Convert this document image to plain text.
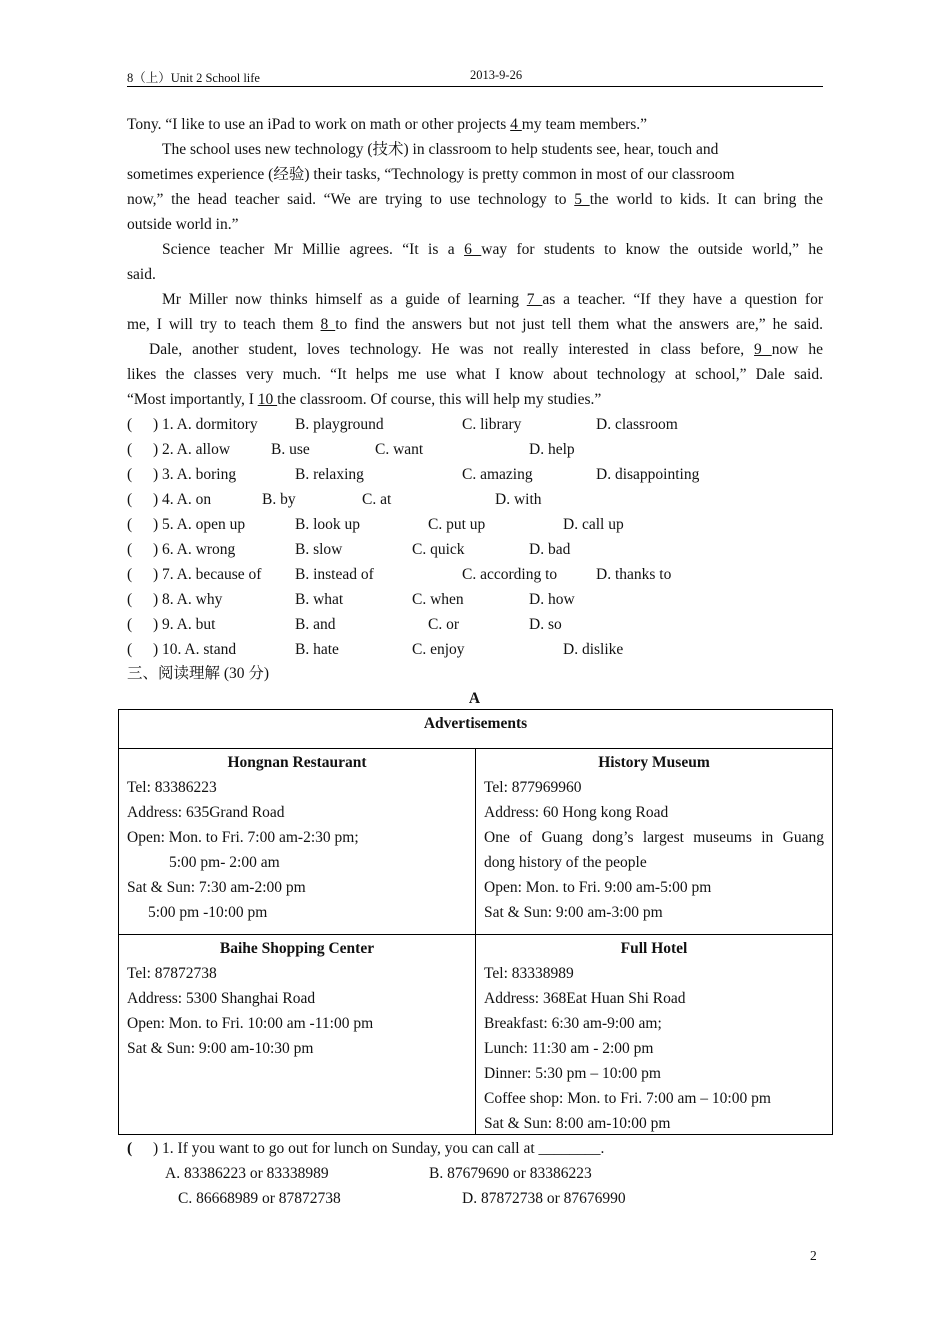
8（上）Unit 2 School life	2013-9-26
Tony. “I like to use an iPad to work on math or other projects 4 my team members.”
The school uses new technology (技术) in classroom to help students see, hear, touch and
sometimes experience (经验) their tasks, “Technology is pretty common in most of our classroom
now,” the head teacher said. “We are trying to use technology to 5 the world to kids. It can bring the
outside world in.”
Science teacher Mr Millie agrees. “It is a 6 way for students to know the outside world,” he
said.
Mr Miller now thinks himself as a guide of learning 7 as a teacher. “If they have a question for
me, I will try to teach them 8 to find the answers but not just tell them what the answers are,” he said.
Dale, another student, loves technology. He was not really interested in class before, 9 now he
likes the classes very much. “It helps me use what I know about technology at school,” Dale said.
“Most importantly, I 10 the classroom. Of course, this will help my studies.”
( ) 1. A. dormitory B. playground	C. library	D. classroom
( ) 2. A. allow	B. use	C. want	D. help
( ) 3. A. boring	B. relaxing	C. amazing	D. disappointing
( ) 4. A. on	B. by	C. at	D. with
( ) 5. A. open up	B. look up	C. put up	D. call up
( ) 6. A. wrong	B. slow	C. quick	D. bad
( ) 7. A. because of B. instead of	C. according to	D. thanks to
( ) 8. A. why	B. what	C. when	D. how
( ) 9. A. but	B. and	C. or	D. so
( ) 10. A. stand	B. hate	C. enjoy	D. dislike
三、阅读理解 (30 分)
A
Advertisements
Hongnan Restaurant
Tel: 83386223
Address: 635Grand Road
Open: Mon. to Fri. 7:00 am-2:30 pm;
5:00 pm- 2:00 am
Sat & Sun: 7:30 am-2:00 pm
5:00 pm -10:00 pm
History Museum
Tel: 877969960
Address: 60 Hong kong Road
One of Guang dong’s largest museums in Guang
dong history of the people
Open: Mon. to Fri. 9:00 am-5:00 pm
Sat & Sun: 9:00 am-3:00 pm
Baihe Shopping Center
Tel: 87872738
Address: 5300 Shanghai Road
Open: Mon. to Fri. 10:00 am -11:00 pm
Sat & Sun: 9:00 am-10:30 pm
Full Hotel
Tel: 83338989
Address: 368Eat Huan Shi Road
Breakfast: 6:30 am-9:00 am;
Lunch: 11:30 am - 2:00 pm
Dinner: 5:30 pm – 10:00 pm
Coffee shop: Mon. to Fri. 7:00 am – 10:00 pm
Sat & Sun: 8:00 am-10:00 pm
( ) 1. If you want to go out for lunch on Sunday, you can call at ________.
A. 83386223 or 83338989	B. 87679690 or 83386223
C. 86668989 or 87872738	D. 87872738 or 87676990
2
